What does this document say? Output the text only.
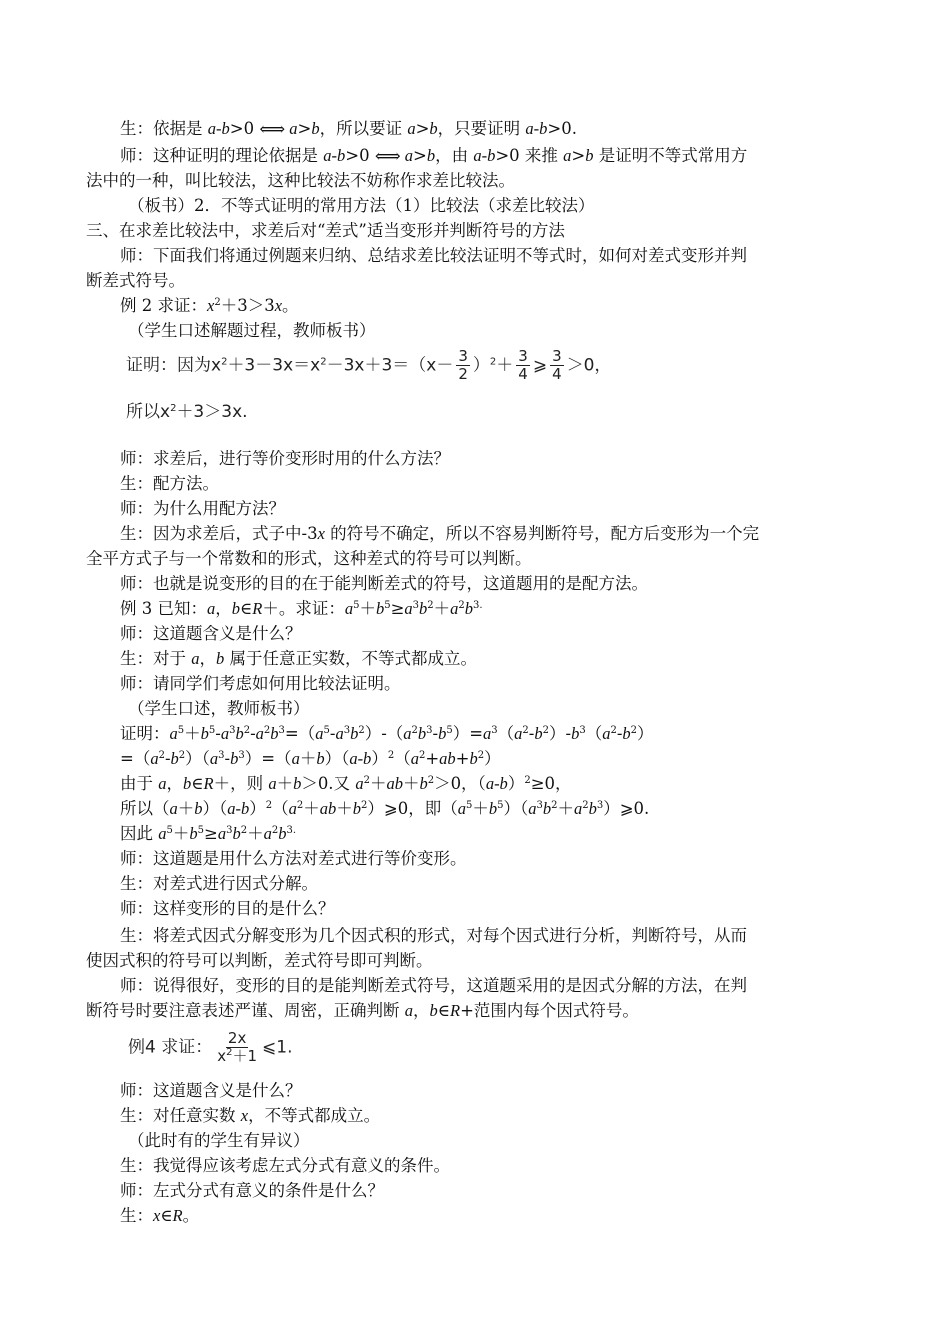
生：依据是 a-b>0 ⟺ a>b，所以要证 a>b，只要证明 a-b>0.
师：这种证明的理论依据是 a-b>0 ⟺ a>b，由 a-b>0 来推 a>b 是证明不等式常用方
法中的一种，叫比较法，这种比较法不妨称作求差比较法。
（板书）2．不等式证明的常用方法（1）比较法（求差比较法）
三、在求差比较法中，求差后对“差式”适当变形并判断符号的方法
师：下面我们将通过例题来归纳、总结求差比较法证明不等式时，如何对差式变形并判
断差式符号。
例 2 求证：$x^2+3>3x$。
（学生口述解题过程，教师板书）
证明：因为$x^2+3-3x=x^2-3x+3=(x- \frac{3}{2} )^2+ \frac{3}{4}$ ⩾ $\frac{3}{4} >0$，
所以$x^2+3>3x$.
师：求差后，进行等价变形时用的什么方法？
生：配方法。
师：为什么用配方法？
生：因为求差后，式子中-3x 的符号不确定，所以不容易判断符号，配方后变形为一个完
全平方式子与一个常数和的形式，这种差式的符号可以判断。
师：也就是说变形的目的在于能判断差式的符号，这道题用的是配方法。
例 3 已知：a，b∈R＋。求证：$a^5+b^5\ge a^3b^2+a^2b^{3.}$
师：这道题含义是什么？
生：对于 a，b 属于任意正实数，不等式都成立。
师：请同学们考虑如何用比较法证明。
（学生口述，教师板书）
证明：$a^5+b^5-a^3b^2-a^2b^3=(a^5-a^3b^2)-(a^2b^3-b^5)=a^3(a^2-b^2)-b^3(a^2-b^2)$
$=(a^2-b^2)(a^3-b^3)=(a+b)(a-b)^2(a^2+ab+b^2)$
由于 a，b∈R＋，则 a＋b＞0.又 $a^2+ab+b^2>0$，$(a-b)^2\ge 0$，
所以$(a+b)(a-b)^2(a^2+ab+b^2)⩾0$，即$(a^5+b^5)(a^3b^2+a^2b^3)⩾0$.
因此 $a^5+b^5\ge a^3b^2+a^2b^{3.}$
师：这道题是用什么方法对差式进行等价变形。
生：对差式进行因式分解。
师：这样变形的目的是什么？
生：将差式因式分解变形为几个因式积的形式，对每个因式进行分析，判断符号，从而
使因式积的符号可以判断，差式符号即可判断。
师：说得很好，变形的目的是能判断差式符号，这道题采用的是因式分解的方法，在判
断符号时要注意表述严谨、周密，正确判断 a，b∈R+范围内每个因式符号。
例4 求证： $\frac{2x}{x^2+1}$ ⩽1.
师：这道题含义是什么？
生：对任意实数 x，不等式都成立。
（此时有的学生有异议）
生：我觉得应该考虑左式分式有意义的条件。
师：左式分式有意义的条件是什么？
生：x∈R。
